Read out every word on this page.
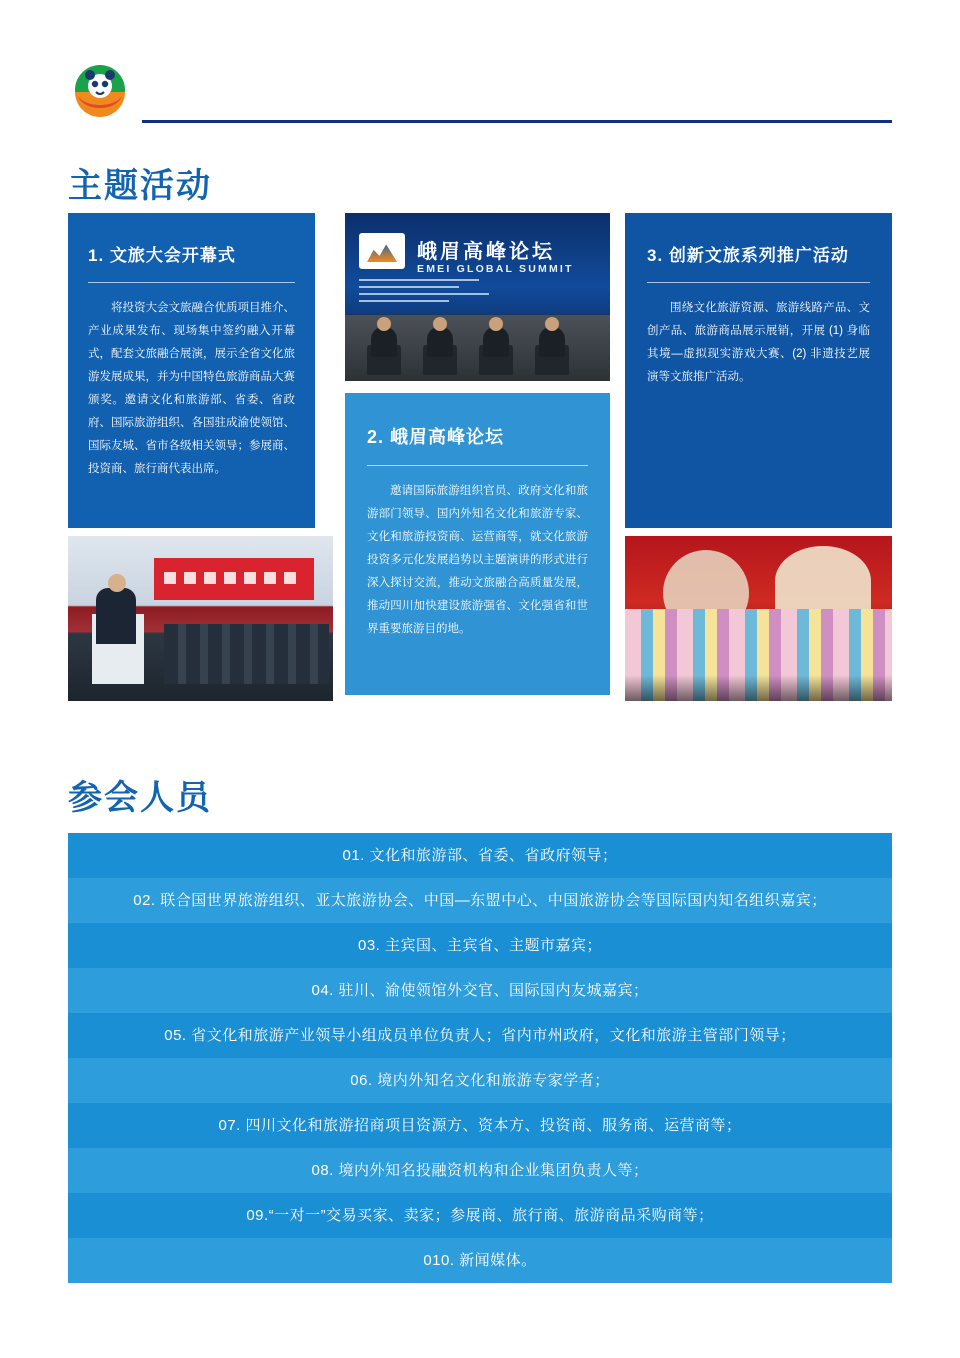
主题活动
参会人员
1. 文旅大会开幕式

将投资大会文旅融合优质项目推介、产业成果发布、现场集中签约融入开幕式，配套文旅融合展演，展示全省文化旅游发展成果，并为中国特色旅游商品大赛颁奖。邀请文化和旅游部、省委、省政府、国际旅游组织、各国驻成渝使领馆、国际友城、省市各级相关领导；参展商、投资商、旅行商代表出席。

2. 峨眉高峰论坛

邀请国际旅游组织官员、政府文化和旅游部门领导、国内外知名文化和旅游专家、文化和旅游投资商、运营商等，就文化旅游投资多元化发展趋势以主题演讲的形式进行深入探讨交流，推动文旅融合高质量发展，推动四川加快建设旅游强省、文化强省和世界重要旅游目的地。

3. 创新文旅系列推广活动

围绕文化旅游资源、旅游线路产品、文创产品、旅游商品展示展销，开展 (1) 身临其境—虚拟现实游戏大赛、(2) 非遗技艺展演等文旅推广活动。

峨眉高峰论坛
EMEI GLOBAL SUMMIT
01. 文化和旅游部、省委、省政府领导；
02. 联合国世界旅游组织、亚太旅游协会、中国—东盟中心、中国旅游协会等国际国内知名组织嘉宾；
03. 主宾国、主宾省、主题市嘉宾；
04. 驻川、渝使领馆外交官、国际国内友城嘉宾；
05. 省文化和旅游产业领导小组成员单位负责人；省内市州政府，文化和旅游主管部门领导；
06. 境内外知名文化和旅游专家学者；
07. 四川文化和旅游招商项目资源方、资本方、投资商、服务商、运营商等；
08. 境内外知名投融资机构和企业集团负责人等；
09.“一对一”交易买家、卖家；参展商、旅行商、旅游商品采购商等；
010. 新闻媒体。
